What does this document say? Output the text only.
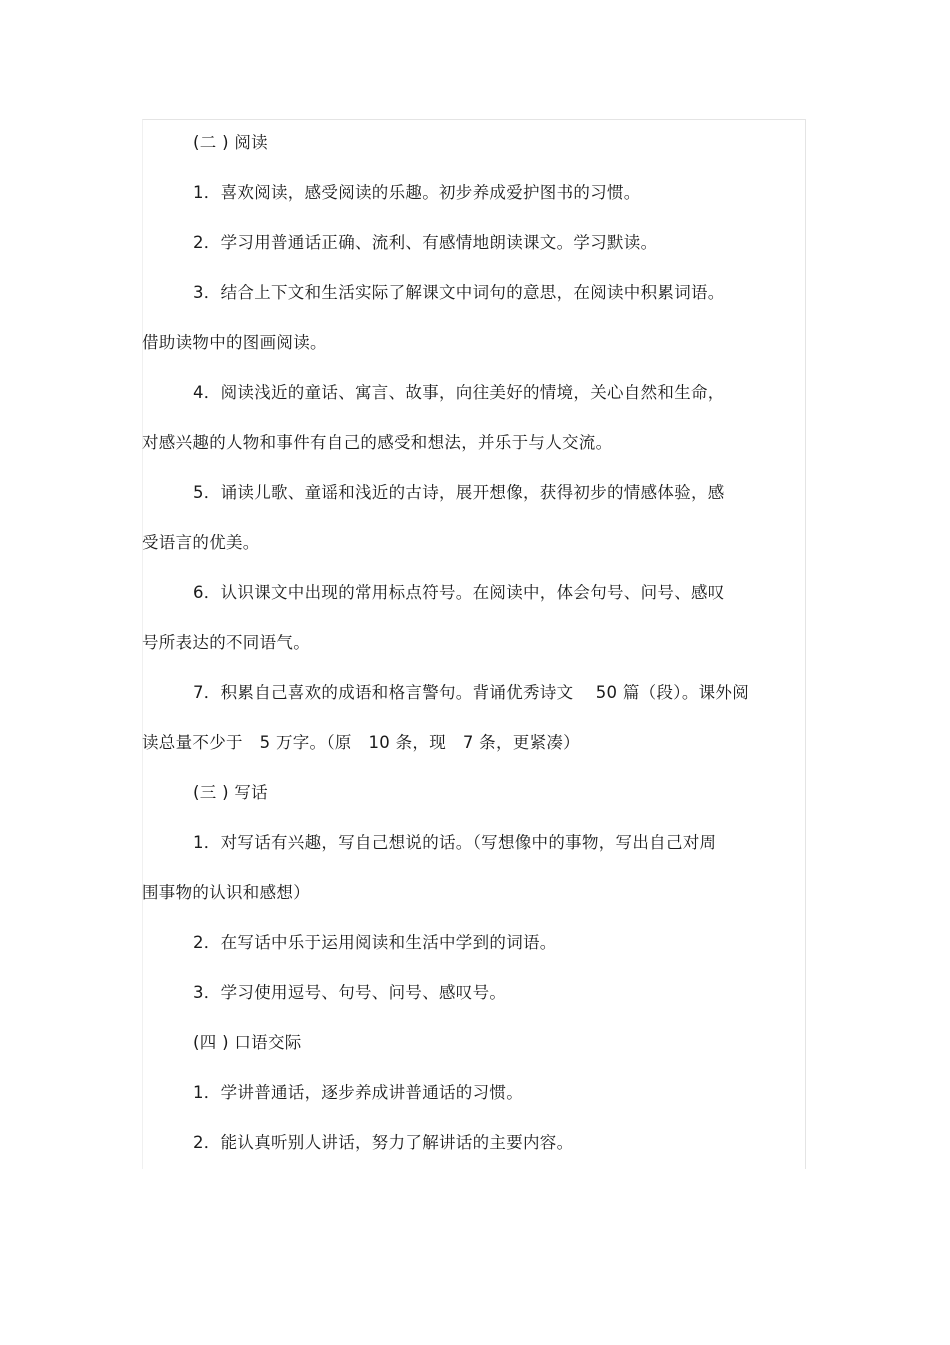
(二 ) 阅读
1．喜欢阅读，感受阅读的乐趣。初步养成爱护图书的习惯。
2．学习用普通话正确、流利、有感情地朗读课文。学习默读。
3．结合上下文和生活实际了解课文中词句的意思，在阅读中积累词语。
借助读物中的图画阅读。
4．阅读浅近的童话、寓言、故事，向往美好的情境，关心自然和生命，
对感兴趣的人物和事件有自己的感受和想法，并乐于与人交流。
5．诵读儿歌、童谣和浅近的古诗，展开想像，获得初步的情感体验，感
受语言的优美。
6．认识课文中出现的常用标点符号。在阅读中，体会句号、问号、感叹
号所表达的不同语气。
7．积累自己喜欢的成语和格言警句。背诵优秀诗文　 50 篇（段）。课外阅
读总量不少于　5 万字。（原　10 条，现　7 条，更紧凑）
(三 ) 写话
1．对写话有兴趣，写自己想说的话。（写想像中的事物，写出自己对周
围事物的认识和感想）
2．在写话中乐于运用阅读和生活中学到的词语。
3．学习使用逗号、句号、问号、感叹号。
(四 ) 口语交际
1．学讲普通话，逐步养成讲普通话的习惯。
2．能认真听别人讲话，努力了解讲话的主要内容。
